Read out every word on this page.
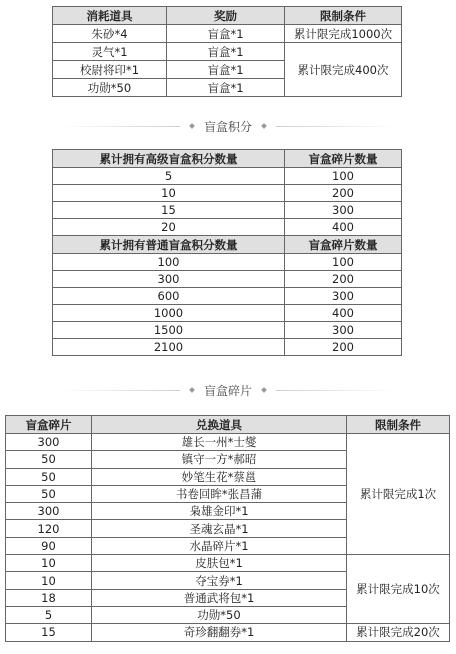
消耗道具	奖励	限制条件
朱砂*4	盲盒*1	累计限完成1000次
灵气*1	盲盒*1	累计限完成400次
校尉将印*1	盲盒*1	
功勋*50	盲盒*1	
盲盒积分
累计拥有高级盲盒积分数量	盲盒碎片数量
5	100
10	200
15	300
20	400
累计拥有普通盲盒积分数量	盲盒碎片数量
100	100
300	200
600	300
1000	400
1500	300
2100	200
盲盒碎片
盲盒碎片	兑换道具	限制条件
300	雄长一州*士燮	累计限完成1次
50	镇守一方*郝昭	
50	妙笔生花*蔡邕	
50	书卷回眸*张昌蒲	
300	枭雄金印*1	
120	圣魂玄晶*1	
90	水晶碎片*1	
10	皮肤包*1	累计限完成10次
10	夺宝券*1	
18	普通武将包*1	
5	功勋*50	
15	奇珍翻翻券*1	累计限完成20次
